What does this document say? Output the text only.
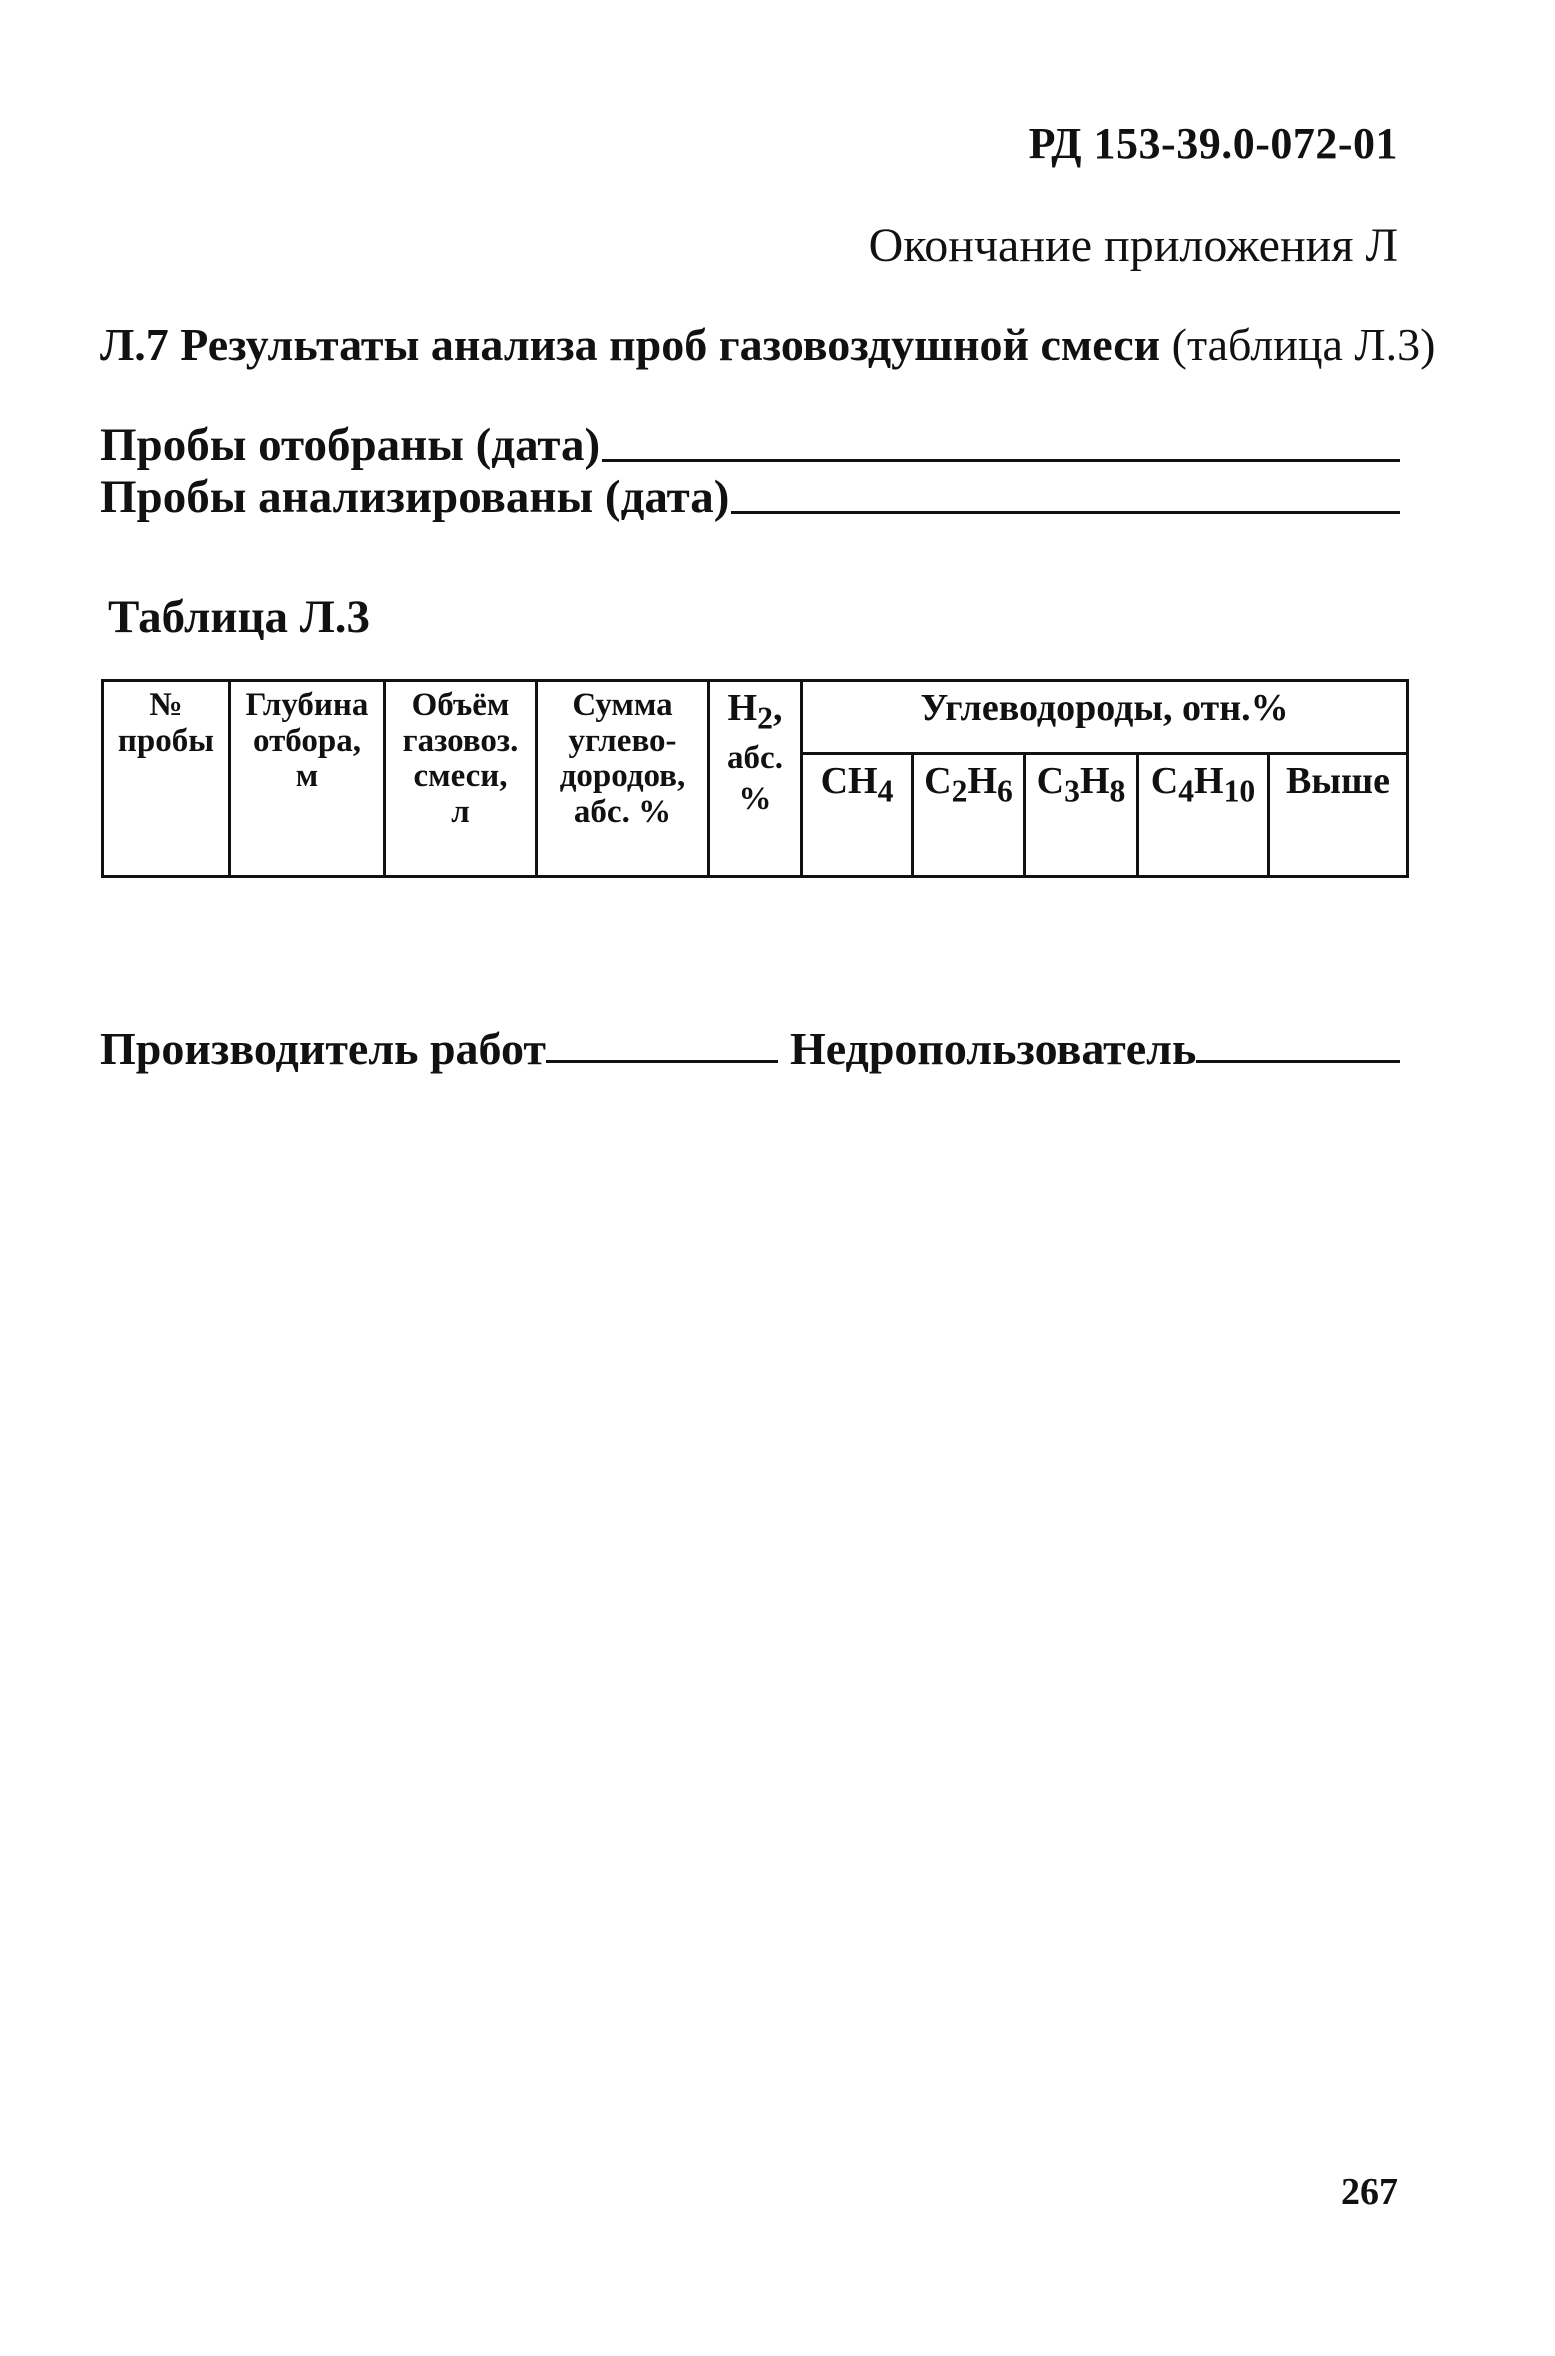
РД 153-39.0-072-01
Окончание приложения Л
Л.7 Результаты анализа проб газовоздушной смеси (таблица Л.3)
Пробы отобраны (дата)
Пробы анализированы (дата)
Таблица Л.3
№
пробы	Глубина
отбора,
м	Объём
газовоз.
смеси,
л	Сумма
углево-
дородов,
абс. %	$H_2$,
абс.
%	Углеводороды, отн.%				
					$CH_4$	$C_2H_6$	$C_3H_8$	$C_4H_{10}$	Выше
Производитель работ	Недропользователь
267
